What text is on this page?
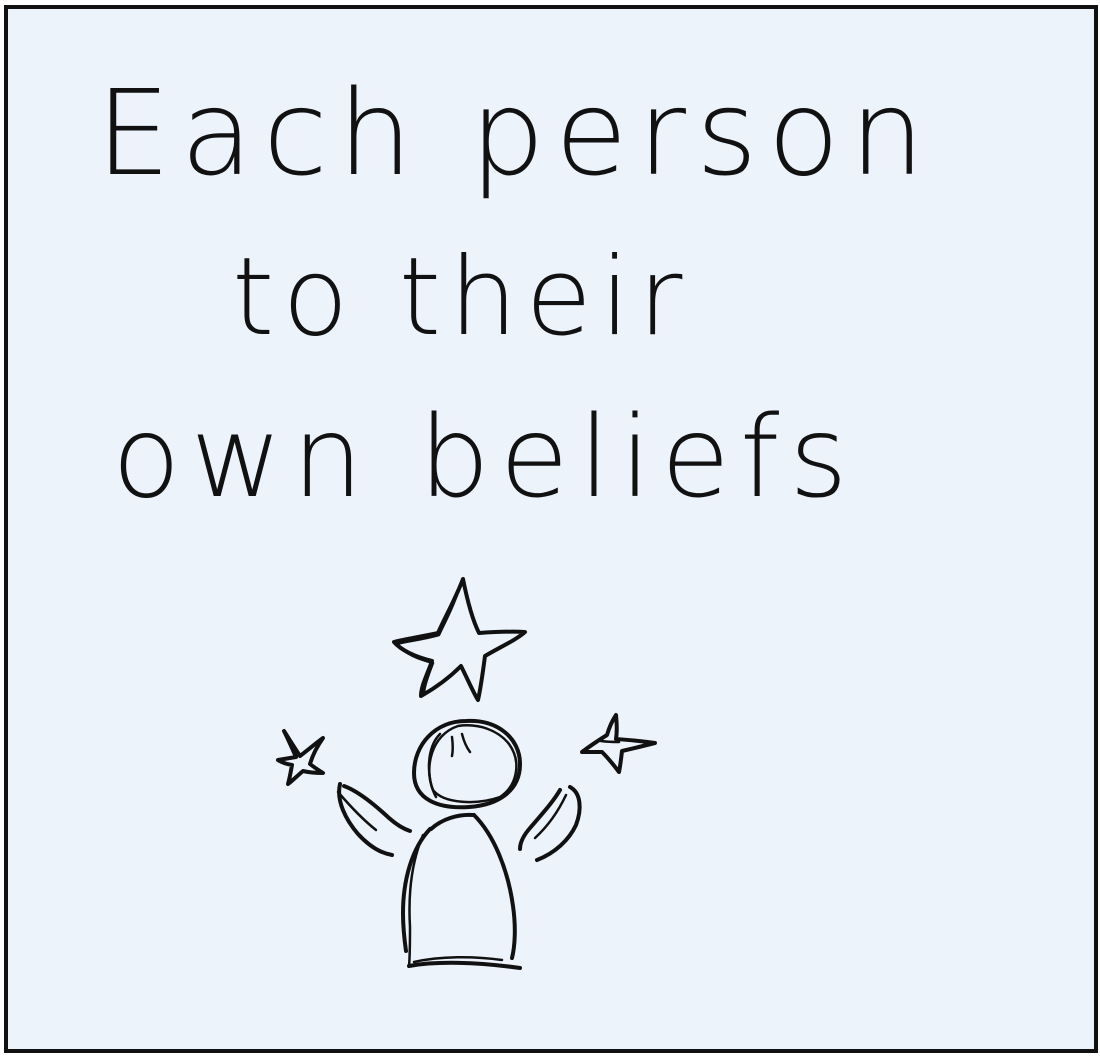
Each person

to their

own beliefs
